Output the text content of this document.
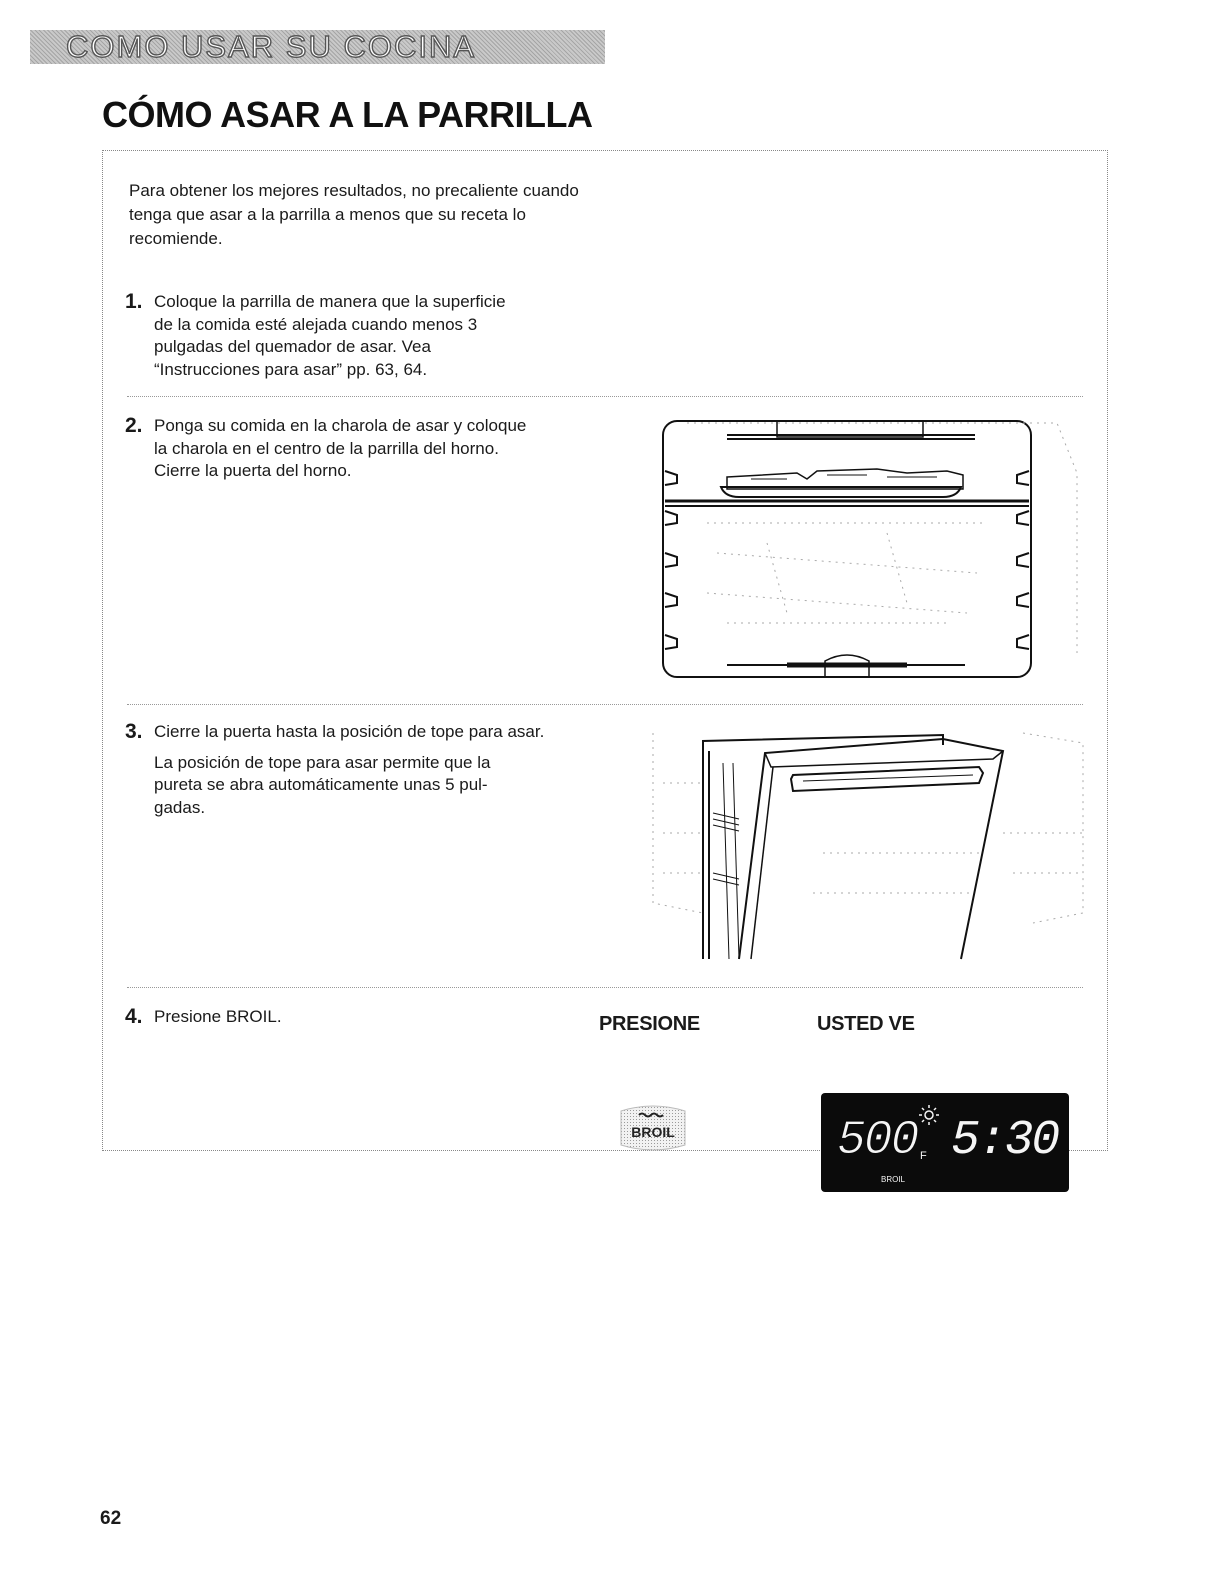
COMO USAR SU COCINA
CÓMO ASAR A LA PARRILLA
Para obtener los mejores resultados, no precaliente cuando tenga que asar a la parrilla a menos que su receta lo recomiende.
1. Coloque la parrilla de manera que la superficie

de la comida esté alejada cuando menos 3

pulgadas del quemador de asar. Vea

“Instrucciones para asar” pp. 63, 64.

2. Ponga su comida en la charola de asar y coloque

la charola en el centro de la parrilla del horno.

Cierre la puerta del horno.

3. Cierre la puerta hasta la posición de tope para asar.

La posición de tope para asar permite que la

pureta se abra automáticamente unas 5 pul-

gadas.

4. Presione BROIL.	PRESIONE	USTED VE
BROIL	500 F 5:30
BROIL
62
